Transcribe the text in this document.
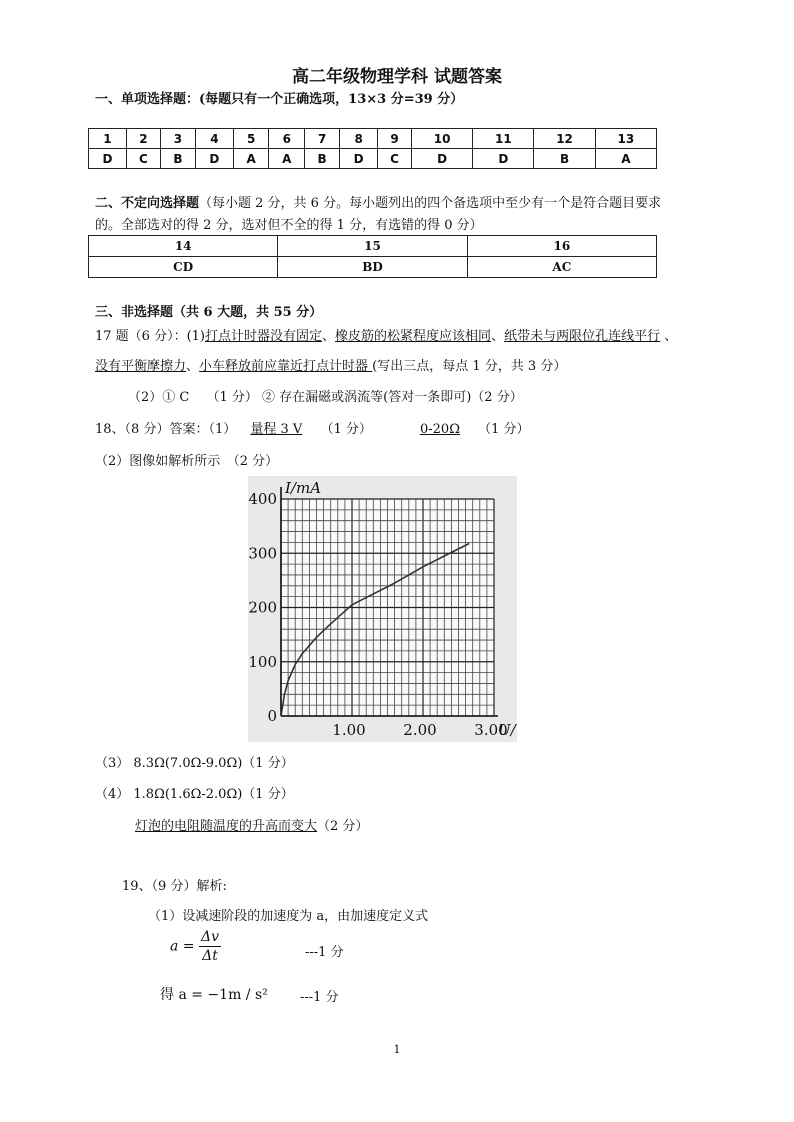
高二年级物理学科 试题答案
一、单项选择题：(每题只有一个正确选项，13×3 分=39 分）
1	2	3	4	5	6	7	8	9	10	11	12	13
D	C	B	D	A	A	B	D	C	D	D	B	A
二、不定向选择题（每小题 2 分，共 6 分。每小题列出的四个备选项中至少有一个是符合题目要求的。全部选对的得 2 分，选对但不全的得 1 分，有选错的得 0 分）
14	15	16
CD	BD	AC
三、非选择题（共 6 大题，共 55 分）
17 题（6 分）：(1)打点计时器没有固定、橡皮筋的松紧程度应该相同、纸带未与两限位孔连线平行 、
没有平衡摩擦力、小车释放前应靠近打点计时器 (写出三点，每点 1 分，共 3 分）
（2）① C　 （1 分） ② 存在漏磁或涡流等(答对一条即可)（2 分）
18、（8 分）答案：（1） 量程 3 V （1 分）	0-20Ω （1 分）
（2）图像如解析所示　（2 分）
0
100
200
300
400
1.00	2.00	3.00
I/mA
U/
（3） 8.3Ω(7.0Ω-9.0Ω)（1 分）
（4） 1.8Ω(1.6Ω-2.0Ω)（1 分）
灯泡的电阻随温度的升高而变大（2 分）
19、（9 分）解析:
（1）设减速阶段的加速度为 a，由加速度定义式
$a = \frac{\Delta v}{\Delta t}$	---1 分
得 a = −1m / s² ---1 分
1
